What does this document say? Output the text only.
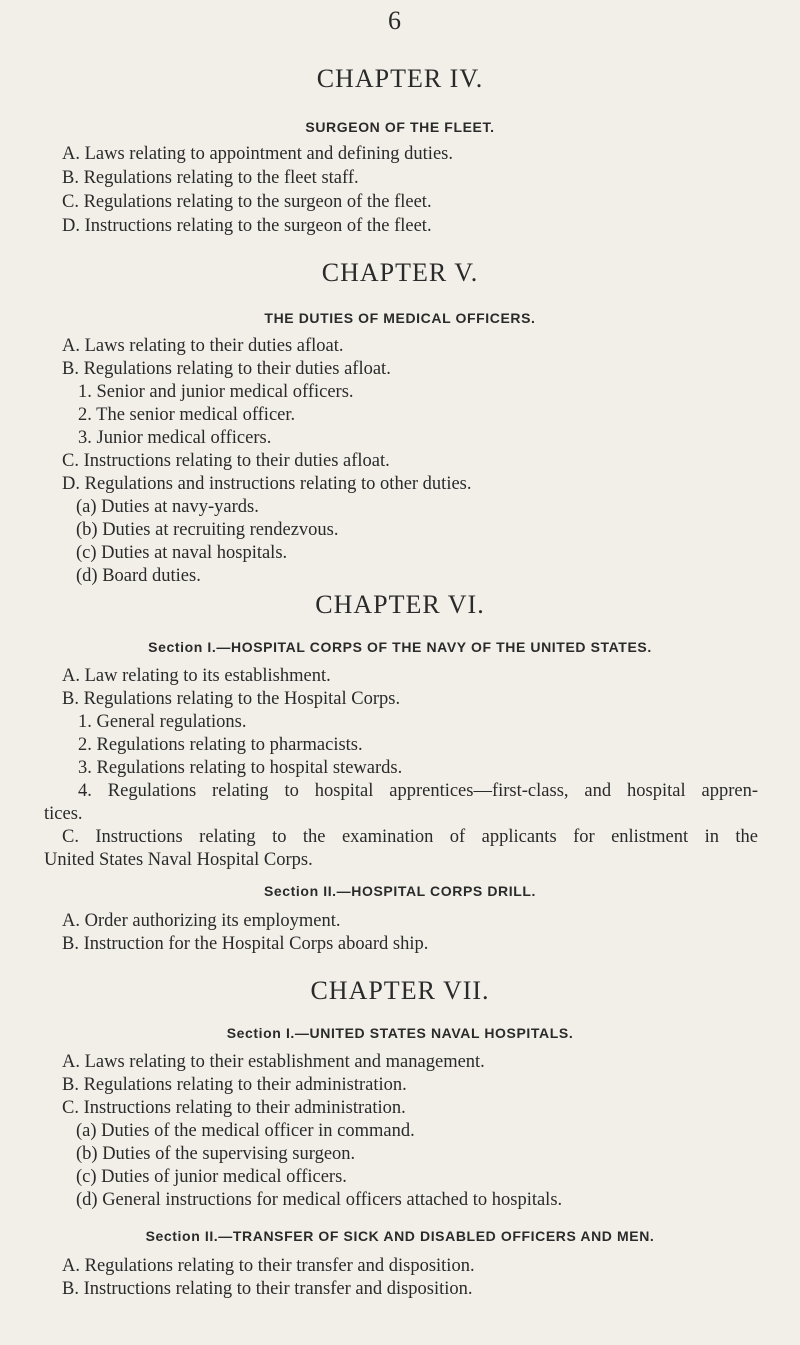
6
CHAPTER IV.
SURGEON OF THE FLEET.
A. Laws relating to appointment and defining duties.
B. Regulations relating to the fleet staff.
C. Regulations relating to the surgeon of the fleet.
D. Instructions relating to the surgeon of the fleet.
CHAPTER V.
THE DUTIES OF MEDICAL OFFICERS.
A. Laws relating to their duties afloat.
B. Regulations relating to their duties afloat.
1. Senior and junior medical officers.
2. The senior medical officer.
3. Junior medical officers.
C. Instructions relating to their duties afloat.
D. Regulations and instructions relating to other duties.
(a) Duties at navy-yards.
(b) Duties at recruiting rendezvous.
(c) Duties at naval hospitals.
(d) Board duties.
CHAPTER VI.
Section I.—HOSPITAL CORPS OF THE NAVY OF THE UNITED STATES.
A. Law relating to its establishment.
B. Regulations relating to the Hospital Corps.
1. General regulations.
2. Regulations relating to pharmacists.
3. Regulations relating to hospital stewards.
4. Regulations relating to hospital apprentices—first-class, and hospital appren-
tices.
C. Instructions relating to the examination of applicants for enlistment in the
United States Naval Hospital Corps.
Section II.—HOSPITAL CORPS DRILL.
A. Order authorizing its employment.
B. Instruction for the Hospital Corps aboard ship.
CHAPTER VII.
Section I.—UNITED STATES NAVAL HOSPITALS.
A. Laws relating to their establishment and management.
B. Regulations relating to their administration.
C. Instructions relating to their administration.
(a) Duties of the medical officer in command.
(b) Duties of the supervising surgeon.
(c) Duties of junior medical officers.
(d) General instructions for medical officers attached to hospitals.
Section II.—TRANSFER OF SICK AND DISABLED OFFICERS AND MEN.
A. Regulations relating to their transfer and disposition.
B. Instructions relating to their transfer and disposition.
